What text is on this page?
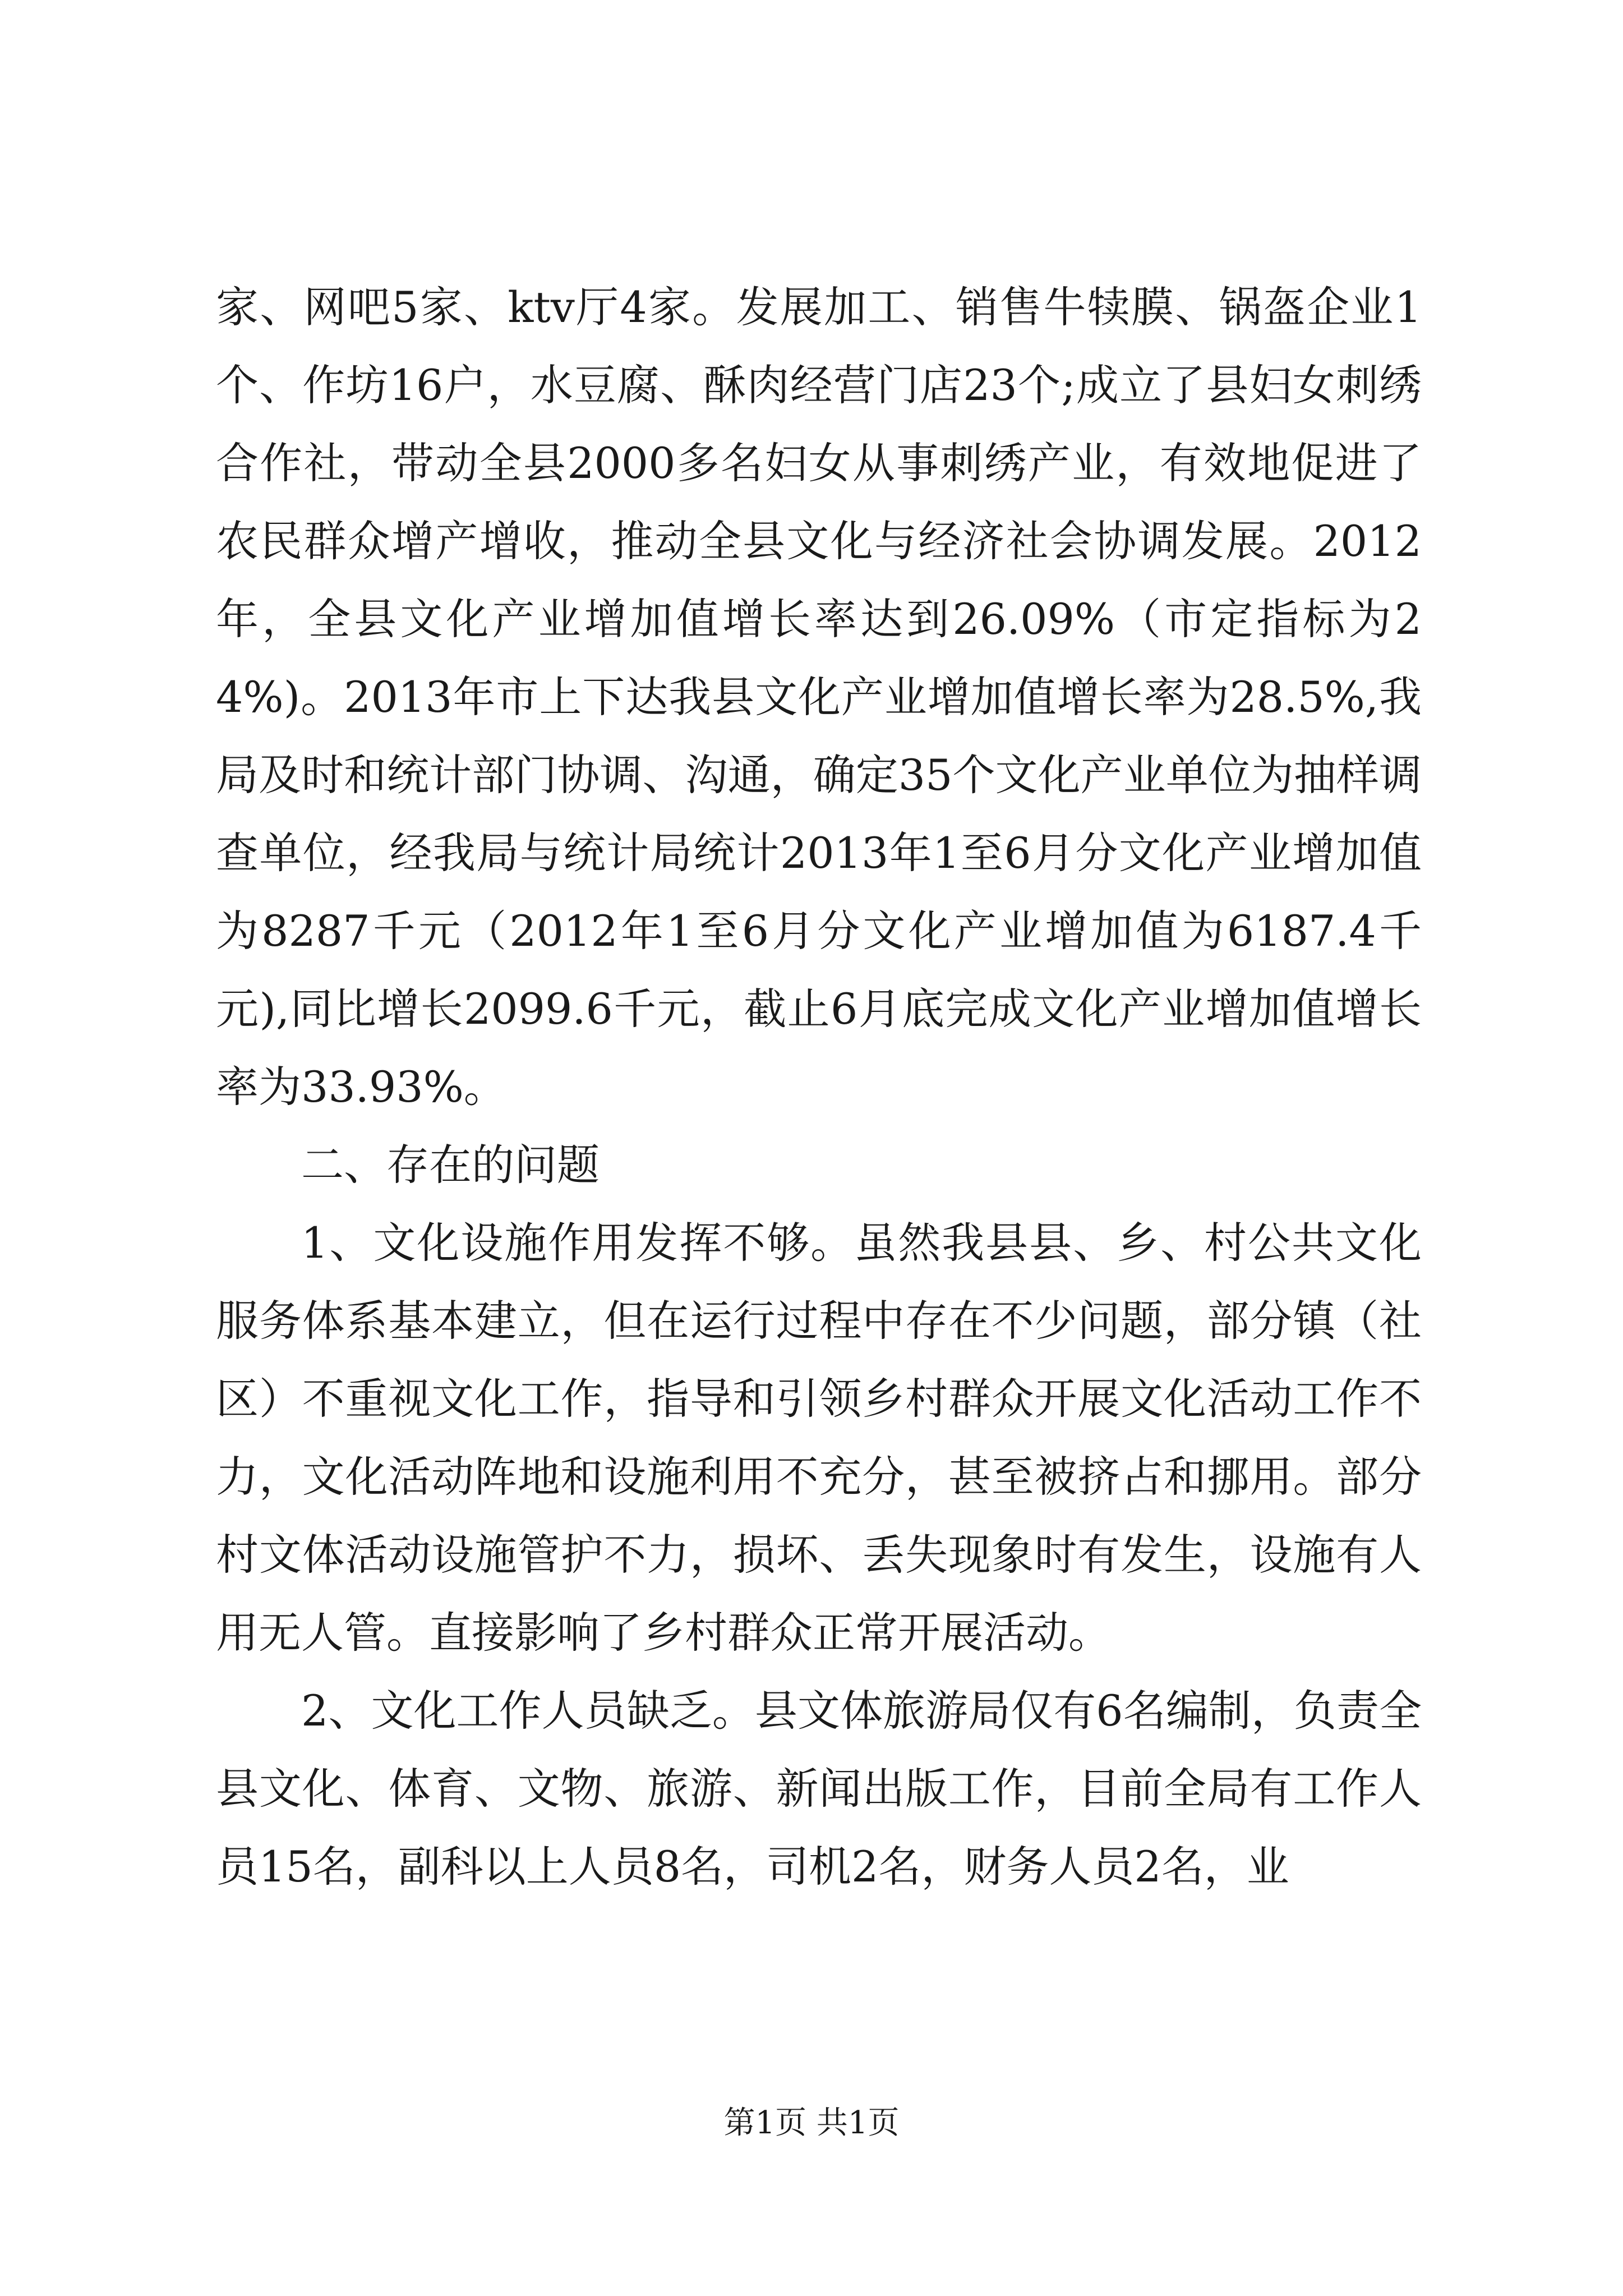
家、网吧5家、ktv厅4家。发展加工、销售牛犊膜、锅盔企业1个、作坊16户，水豆腐、酥肉经营门店23个;成立了县妇女刺绣合作社，带动全县2000多名妇女从事刺绣产业，有效地促进了农民群众增产增收，推动全县文化与经济社会协调发展。2012年，全县文化产业增加值增长率达到26.09%（市定指标为24%)。2013年市上下达我县文化产业增加值增长率为28.5%,我局及时和统计部门协调、沟通，确定35个文化产业单位为抽样调查单位，经我局与统计局统计2013年1至6月分文化产业增加值为8287千元（2012年1至6月分文化产业增加值为6187.4千元),同比增长2099.6千元，截止6月底完成文化产业增加值增长率为33.93%。

二、存在的问题

1、文化设施作用发挥不够。虽然我县县、乡、村公共文化服务体系基本建立，但在运行过程中存在不少问题，部分镇（社区）不重视文化工作，指导和引领乡村群众开展文化活动工作不力，文化活动阵地和设施利用不充分，甚至被挤占和挪用。部分村文体活动设施管护不力，损坏、丢失现象时有发生，设施有人用无人管。直接影响了乡村群众正常开展活动。

2、文化工作人员缺乏。县文体旅游局仅有6名编制，负责全县文化、体育、文物、旅游、新闻出版工作，目前全局有工作人员15名，副科以上人员8名，司机2名，财务人员2名，业

第1页 共1页
